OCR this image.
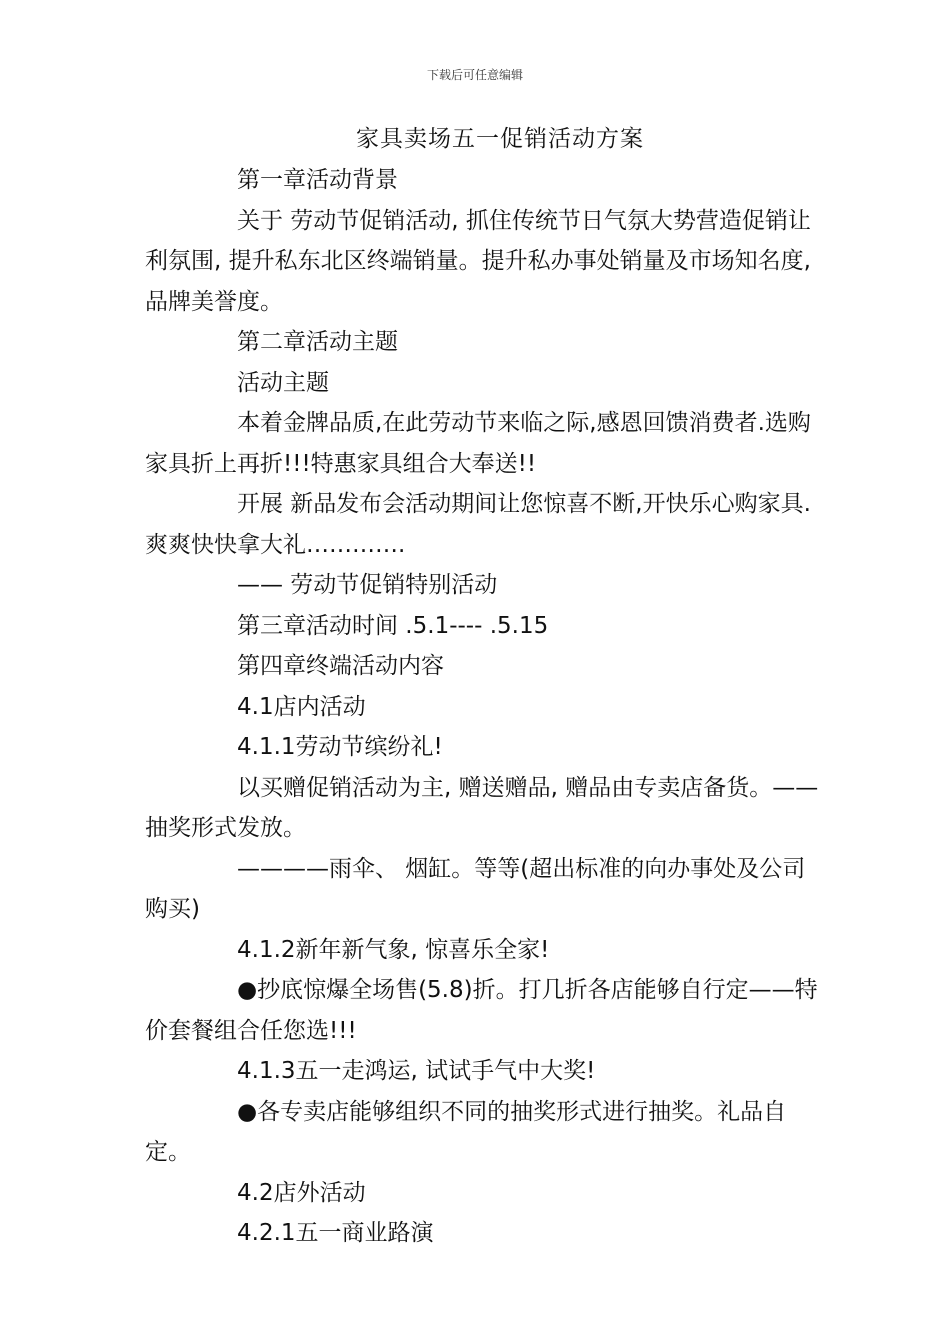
下载后可任意编辑
家具卖场五一促销活动方案

第一章活动背景

关于 劳动节促销活动, 抓住传统节日气氛大势营造促销让利氛围, 提升私东北区终端销量。提升私办事处销量及市场知名度, 品牌美誉度。

第二章活动主题

活动主题

本着金牌品质,在此劳动节来临之际,感恩回馈消费者.选购家具折上再折!!!特惠家具组合大奉送!!

开展 新品发布会活动期间让您惊喜不断,开快乐心购家具.爽爽快快拿大礼………….

—— 劳动节促销特别活动

第三章活动时间 .5.1---- .5.15

第四章终端活动内容

4.1店内活动

4.1.1劳动节缤纷礼!

以买赠促销活动为主, 赠送赠品, 赠品由专卖店备货。——抽奖形式发放。

————雨伞、 烟缸。等等(超出标准的向办事处及公司购买)

4.1.2新年新气象, 惊喜乐全家!

●抄底惊爆全场售(5.8)折。打几折各店能够自行定——特价套餐组合任您选!!!

4.1.3五一走鸿运, 试试手气中大奖!

●各专卖店能够组织不同的抽奖形式进行抽奖。礼品自定。

4.2店外活动

4.2.1五一商业路演
